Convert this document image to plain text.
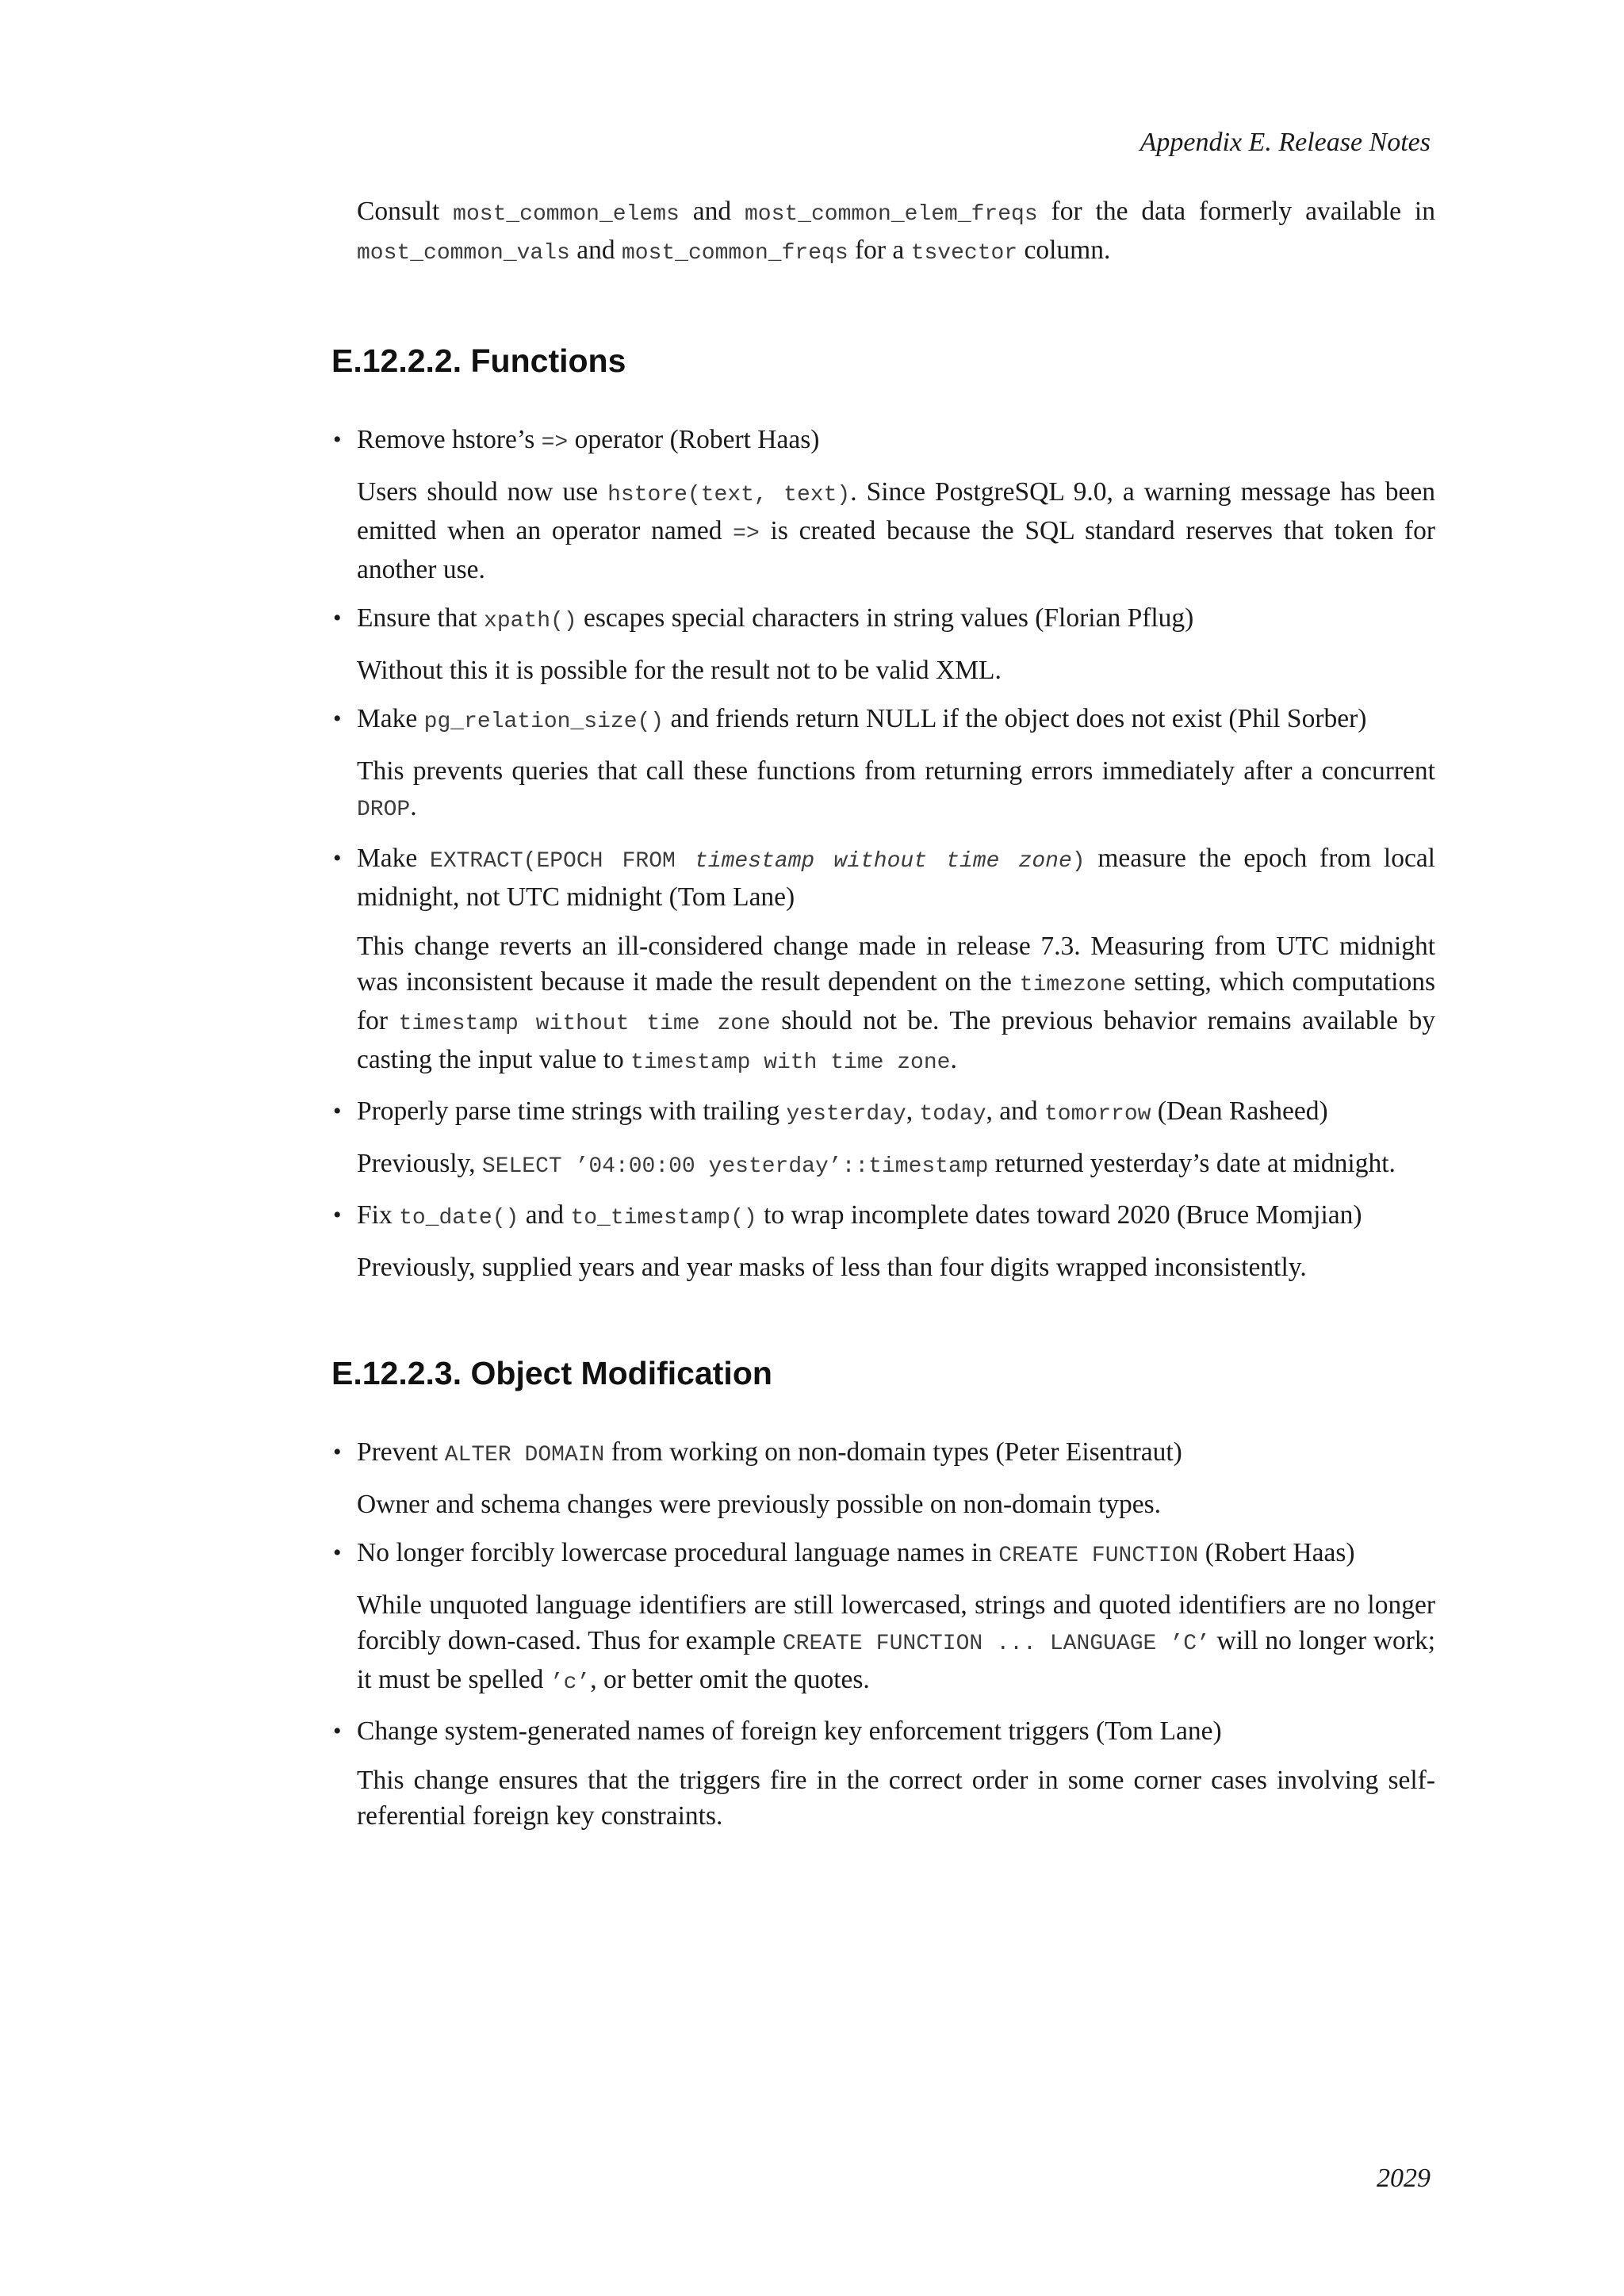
Appendix E. Release Notes

Consult most_common_elems and most_common_elem_freqs for the data formerly available in most_common_vals and most_common_freqs for a tsvector column.

E.12.2.2. Functions
• Remove hstore’s => operator (Robert Haas)

Users should now use hstore(text, text). Since PostgreSQL 9.0, a warning message has been emitted when an operator named => is created because the SQL standard reserves that token for another use.

• Ensure that xpath() escapes special characters in string values (Florian Pflug)

Without this it is possible for the result not to be valid XML.

• Make pg_relation_size() and friends return NULL if the object does not exist (Phil Sorber)

This prevents queries that call these functions from returning errors immediately after a concurrent DROP.

• Make EXTRACT(EPOCH FROM timestamp without time zone) measure the epoch from local midnight, not UTC midnight (Tom Lane)

This change reverts an ill-considered change made in release 7.3. Measuring from UTC midnight was inconsistent because it made the result dependent on the timezone setting, which computations for timestamp without time zone should not be. The previous behavior remains available by casting the input value to timestamp with time zone.

• Properly parse time strings with trailing yesterday, today, and tomorrow (Dean Rasheed)

Previously, SELECT ’04:00:00 yesterday’::timestamp returned yesterday’s date at midnight.

• Fix to_date() and to_timestamp() to wrap incomplete dates toward 2020 (Bruce Momjian)

Previously, supplied years and year masks of less than four digits wrapped inconsistently.

E.12.2.3. Object Modification
• Prevent ALTER DOMAIN from working on non-domain types (Peter Eisentraut)

Owner and schema changes were previously possible on non-domain types.

• No longer forcibly lowercase procedural language names in CREATE FUNCTION (Robert Haas)

While unquoted language identifiers are still lowercased, strings and quoted identifiers are no longer forcibly down-cased. Thus for example CREATE FUNCTION ... LANGUAGE ’C’ will no longer work; it must be spelled ’c’, or better omit the quotes.

• Change system-generated names of foreign key enforcement triggers (Tom Lane)

This change ensures that the triggers fire in the correct order in some corner cases involving self-referential foreign key constraints.

2029
